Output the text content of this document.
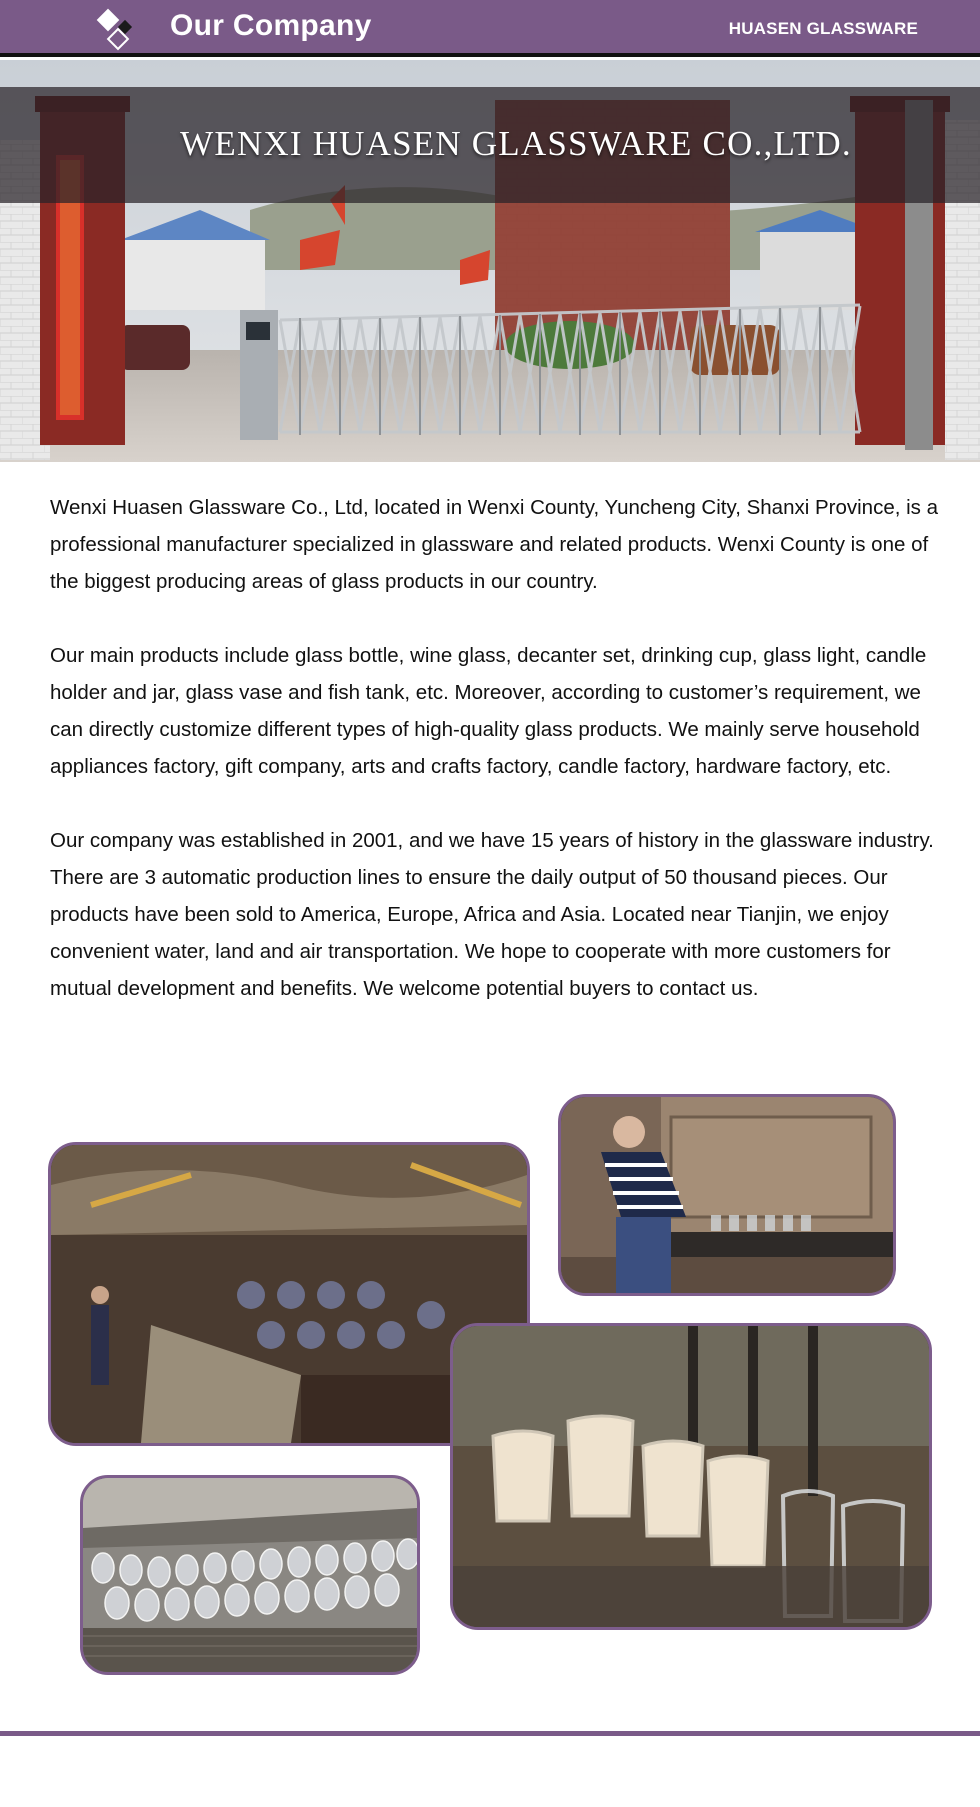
Our Company	HUASEN GLASSWARE
WENXI HUASEN GLASSWARE CO.,LTD.

Wenxi Huasen Glassware Co., Ltd, located in Wenxi County, Yuncheng City, Shanxi Province, is a professional manufacturer specialized in glassware and related products. Wenxi County is one of the biggest producing areas of glass products in our country.

Our main products include glass bottle, wine glass, decanter set, drinking cup, glass light, candle holder and jar, glass vase and fish tank, etc. Moreover, according to customer’s requirement, we can directly customize different types of high-quality glass products. We mainly serve household appliances factory, gift company, arts and crafts factory, candle factory, hardware factory, etc.

Our company was established in 2001, and we have 15 years of history in the glassware industry. There are 3 automatic production lines to ensure the daily output of 50 thousand pieces. Our products have been sold to America, Europe, Africa and Asia. Located near Tianjin, we enjoy convenient water, land and air transportation. We hope to cooperate with more customers for mutual development and benefits. We welcome potential buyers to contact us.
